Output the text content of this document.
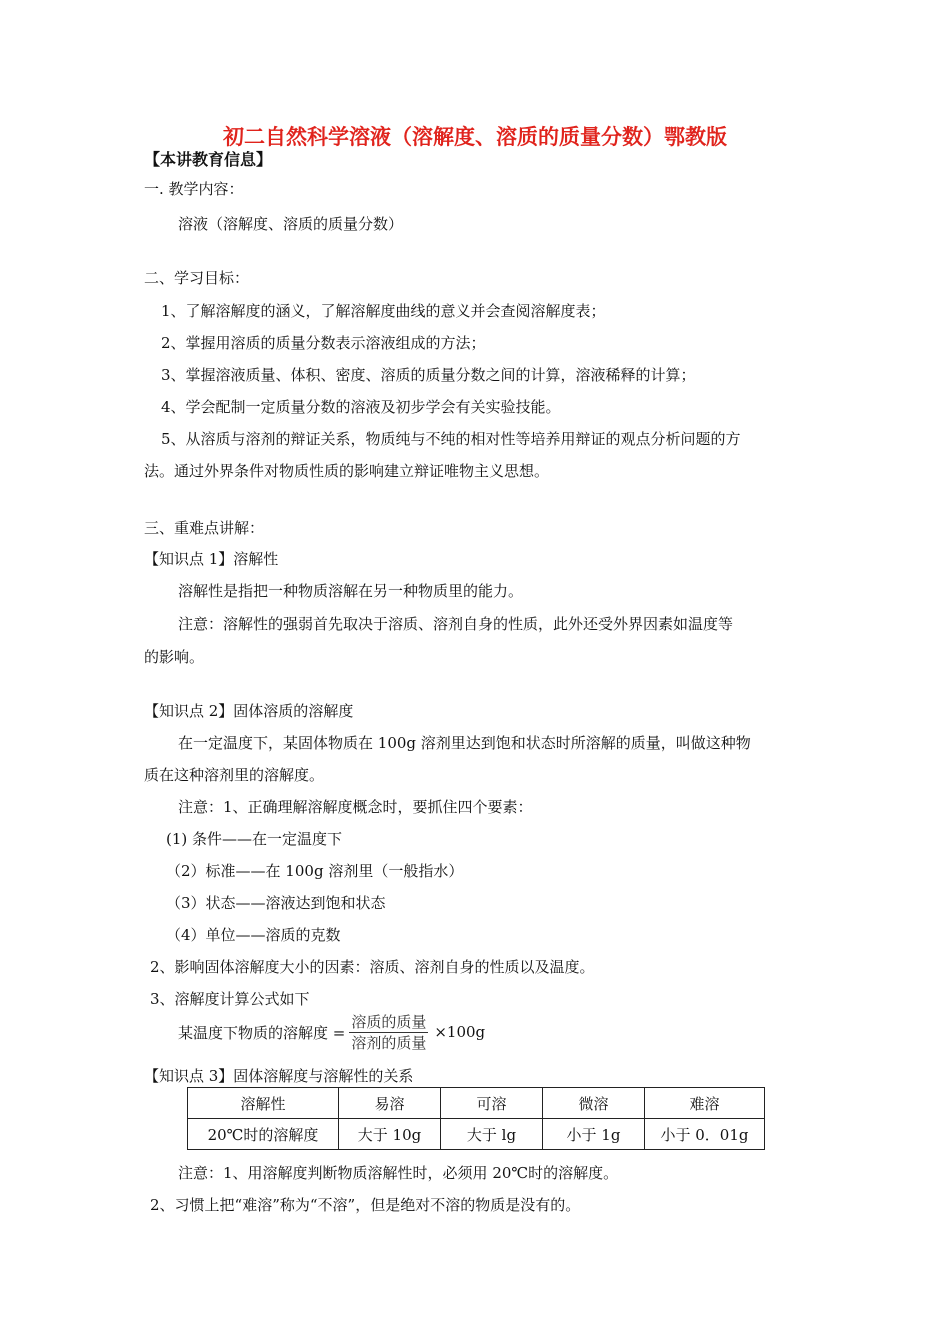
初二自然科学溶液（溶解度、溶质的质量分数）鄂教版
【本讲教育信息】
一. 教学内容：
溶液（溶解度、溶质的质量分数）
二、学习目标：
1、了解溶解度的涵义，了解溶解度曲线的意义并会查阅溶解度表；
2、掌握用溶质的质量分数表示溶液组成的方法；
3、掌握溶液质量、体积、密度、溶质的质量分数之间的计算，溶液稀释的计算；
4、学会配制一定质量分数的溶液及初步学会有关实验技能。
5、从溶质与溶剂的辩证关系，物质纯与不纯的相对性等培养用辩证的观点分析问题的方
法。通过外界条件对物质性质的影响建立辩证唯物主义思想。
三、重难点讲解：
【知识点 1】溶解性
溶解性是指把一种物质溶解在另一种物质里的能力。
注意：溶解性的强弱首先取决于溶质、溶剂自身的性质，此外还受外界因素如温度等
的影响。
【知识点 2】固体溶质的溶解度
在一定温度下，某固体物质在 100g 溶剂里达到饱和状态时所溶解的质量，叫做这种物
质在这种溶剂里的溶解度。
注意：1、正确理解溶解度概念时，要抓住四个要素：
(1) 条件——在一定温度下
（2）标准——在 100g 溶剂里（一般指水）
（3）状态——溶液达到饱和状态
（4）单位——溶质的克数
2、影响固体溶解度大小的因素：溶质、溶剂自身的性质以及温度。
3、溶解度计算公式如下
某温度下物质的溶解度 = $\frac{\text{溶质的质量}}{\text{溶剂的质量}} \times 100g$
【知识点 3】固体溶解度与溶解性的关系
溶解性	易溶	可溶	微溶	难溶
20℃时的溶解度	大于 10g	大于 lg	小于 1g	小于 0．01g
注意：1、用溶解度判断物质溶解性时，必须用 20℃时的溶解度。
2、习惯上把“难溶”称为“不溶”，但是绝对不溶的物质是没有的。
